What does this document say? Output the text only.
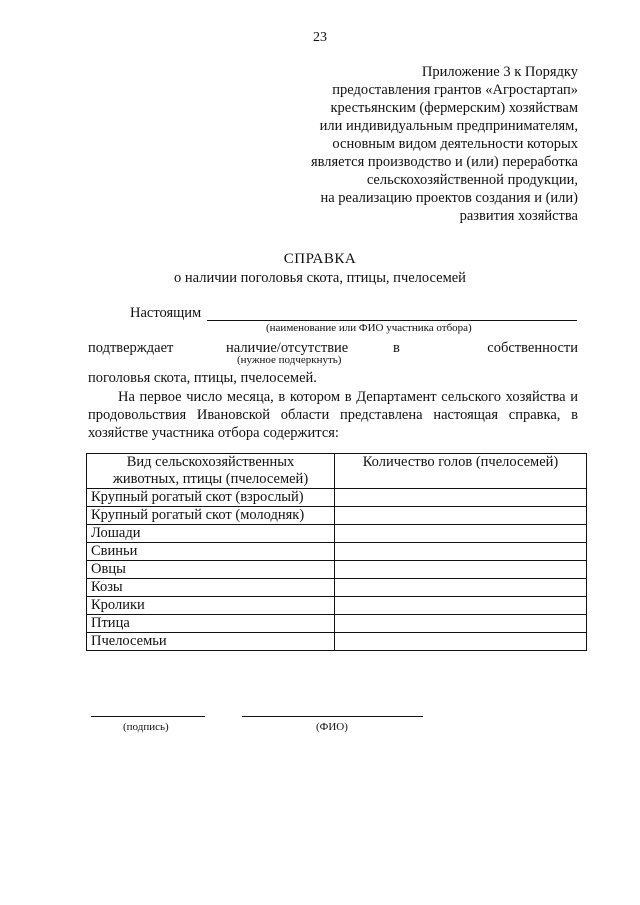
23
Приложение 3 к Порядку
предоставления грантов «Агростартап»
крестьянским (фермерским) хозяйствам
или индивидуальным предпринимателям,
основным видом деятельности которых
является производство и (или) переработка
сельскохозяйственной продукции,
на реализацию проектов создания и (или)
развития хозяйства
СПРАВКА
о наличии поголовья скота, птицы, пчелосемей
Настоящим
(наименование или ФИО участника отбора)
подтверждает	наличие/отсутствие	в	собственности
(нужное подчеркнуть)
поголовья скота, птицы, пчелосемей.
На первое число месяца, в котором в Департамент сельского хозяйства и продовольствия Ивановской области представлена настоящая справка, в хозяйстве участника отбора содержится:
Вид сельскохозяйственных
животных, птицы (пчелосемей)	Количество голов (пчелосемей)
Крупный рогатый скот (взрослый)	
Крупный рогатый скот (молодняк)	
Лошади	
Свиньи	
Овцы	
Козы	
Кролики	
Птица	
Пчелосемьи	
(подпись)	(ФИО)
